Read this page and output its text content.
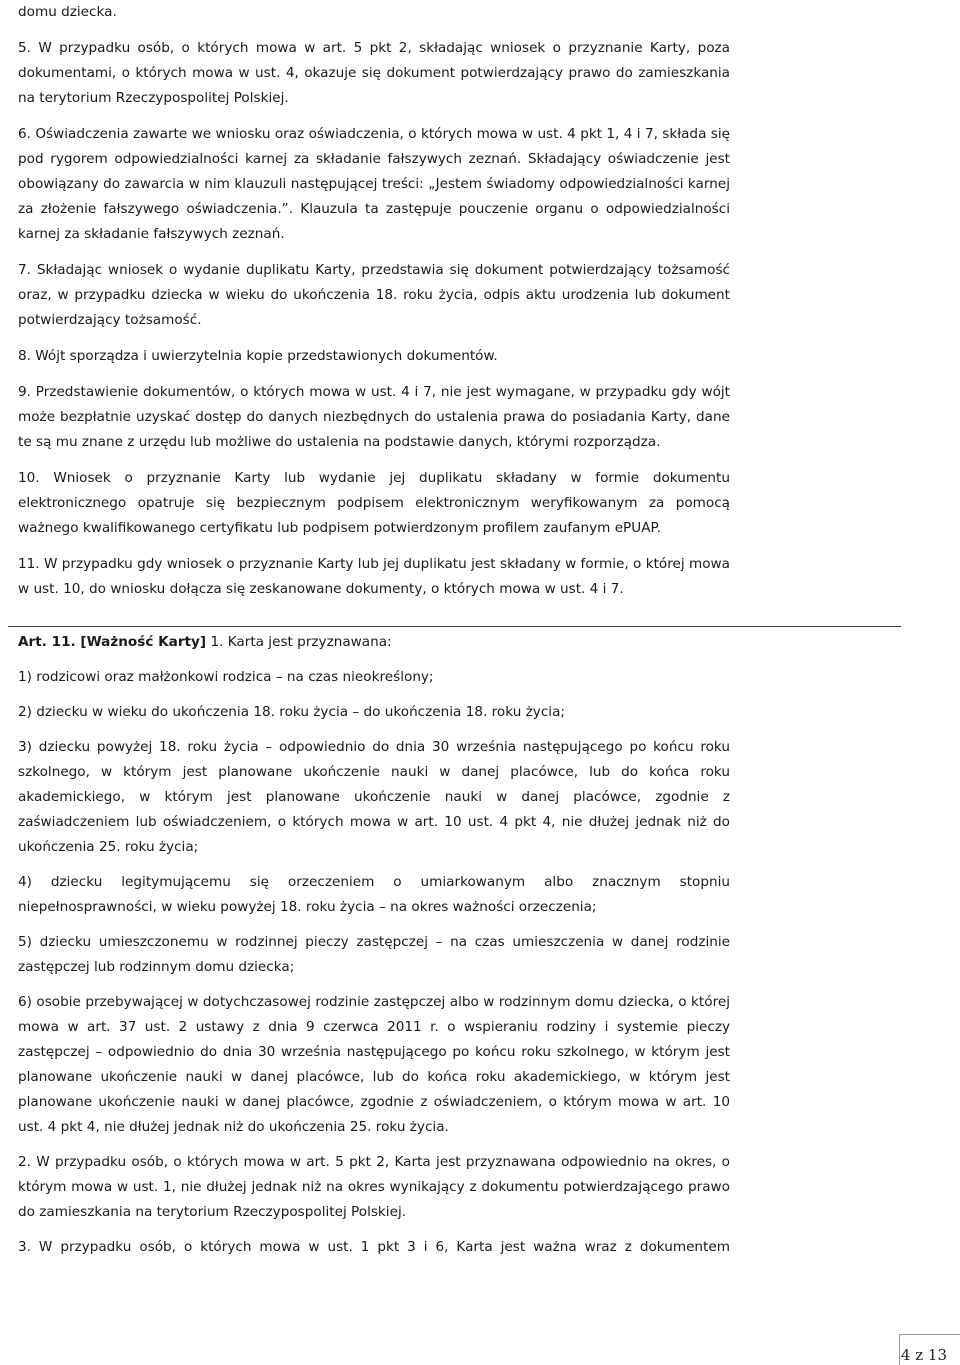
domu dziecka.

5. W przypadku osób, o których mowa w art. 5 pkt 2, składając wniosek o przyznanie Karty, poza dokumentami, o których mowa w ust. 4, okazuje się dokument potwierdzający prawo do zamieszkania na terytorium Rzeczypospolitej Polskiej.

6. Oświadczenia zawarte we wniosku oraz oświadczenia, o których mowa w ust. 4 pkt 1, 4 i 7, składa się pod rygorem odpowiedzialności karnej za składanie fałszywych zeznań. Składający oświadczenie jest obowiązany do zawarcia w nim klauzuli następującej treści: „Jestem świadomy odpowiedzialności karnej za złożenie fałszywego oświadczenia.”. Klauzula ta zastępuje pouczenie organu o odpowiedzialności karnej za składanie fałszywych zeznań.

7. Składając wniosek o wydanie duplikatu Karty, przedstawia się dokument potwierdzający tożsamość oraz, w przypadku dziecka w wieku do ukończenia 18. roku życia, odpis aktu urodzenia lub dokument potwierdzający tożsamość.

8. Wójt sporządza i uwierzytelnia kopie przedstawionych dokumentów.

9. Przedstawienie dokumentów, o których mowa w ust. 4 i 7, nie jest wymagane, w przypadku gdy wójt może bezpłatnie uzyskać dostęp do danych niezbędnych do ustalenia prawa do posiadania Karty, dane te są mu znane z urzędu lub możliwe do ustalenia na podstawie danych, którymi rozporządza.

10. Wniosek o przyznanie Karty lub wydanie jej duplikatu składany w formie dokumentu elektronicznego opatruje się bezpiecznym podpisem elektronicznym weryfikowanym za pomocą ważnego kwalifikowanego certyfikatu lub podpisem potwierdzonym profilem zaufanym ePUAP.

11. W przypadku gdy wniosek o przyznanie Karty lub jej duplikatu jest składany w formie, o której mowa w ust. 10, do wniosku dołącza się zeskanowane dokumenty, o których mowa w ust. 4 i 7.

Art. 11. [Ważność Karty] 1. Karta jest przyznawana:

1) rodzicowi oraz małżonkowi rodzica – na czas nieokreślony;

2) dziecku w wieku do ukończenia 18. roku życia – do ukończenia 18. roku życia;

3) dziecku powyżej 18. roku życia – odpowiednio do dnia 30 września następującego po końcu roku szkolnego, w którym jest planowane ukończenie nauki w danej placówce, lub do końca roku akademickiego, w którym jest planowane ukończenie nauki w danej placówce, zgodnie z zaświadczeniem lub oświadczeniem, o których mowa w art. 10 ust. 4 pkt 4, nie dłużej jednak niż do ukończenia 25. roku życia;

4) dziecku legitymującemu się orzeczeniem o umiarkowanym albo znacznym stopniu niepełnosprawności, w wieku powyżej 18. roku życia – na okres ważności orzeczenia;

5) dziecku umieszczonemu w rodzinnej pieczy zastępczej – na czas umieszczenia w danej rodzinie zastępczej lub rodzinnym domu dziecka;

6) osobie przebywającej w dotychczasowej rodzinie zastępczej albo w rodzinnym domu dziecka, o której mowa w art. 37 ust. 2 ustawy z dnia 9 czerwca 2011 r. o wspieraniu rodziny i systemie pieczy zastępczej – odpowiednio do dnia 30 września następującego po końcu roku szkolnego, w którym jest planowane ukończenie nauki w danej placówce, lub do końca roku akademickiego, w którym jest planowane ukończenie nauki w danej placówce, zgodnie z oświadczeniem, o którym mowa w art. 10 ust. 4 pkt 4, nie dłużej jednak niż do ukończenia 25. roku życia.

2. W przypadku osób, o których mowa w art. 5 pkt 2, Karta jest przyznawana odpowiednio na okres, o którym mowa w ust. 1, nie dłużej jednak niż na okres wynikający z dokumentu potwierdzającego prawo do zamieszkania na terytorium Rzeczypospolitej Polskiej.

3. W przypadku osób, o których mowa w ust. 1 pkt 3 i 6, Karta jest ważna wraz z dokumentem

4 z 13
